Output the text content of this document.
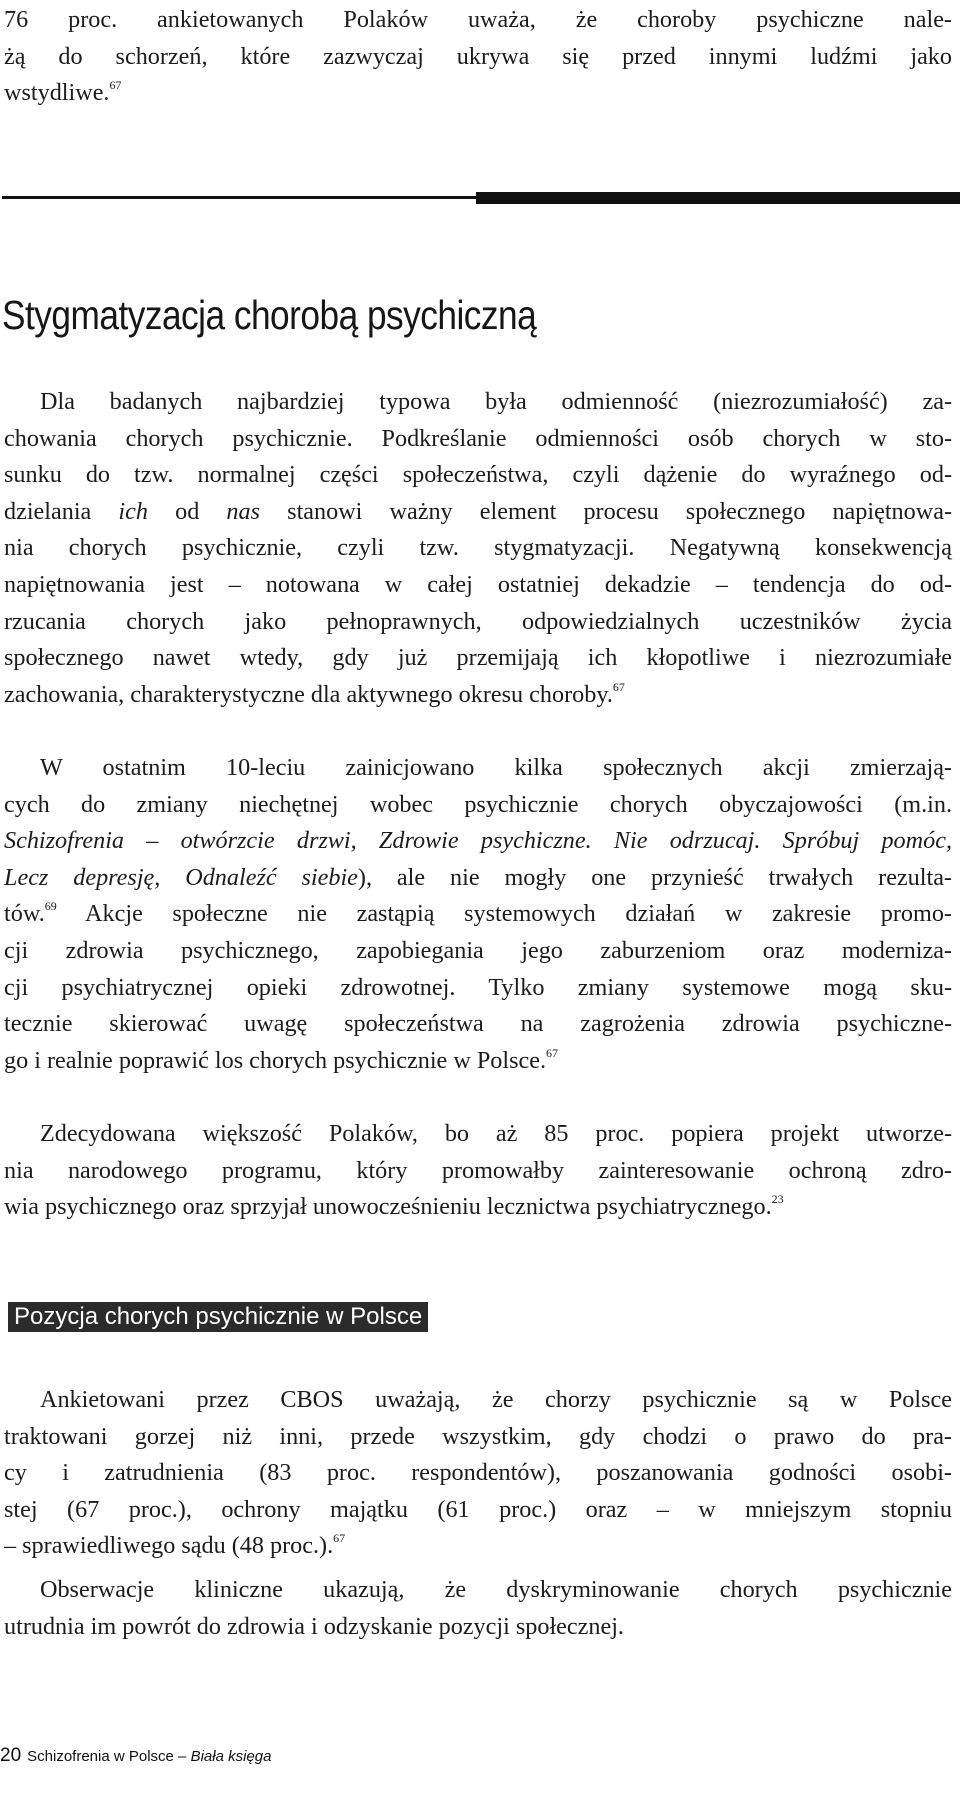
76 proc. ankietowanych Polaków uważa, że choroby psychiczne nale-
żą do schorzeń, które zazwyczaj ukrywa się przed innymi ludźmi jako
wstydliwe.$^{67}$
Stygmatyzacja chorobą psychiczną
Dla badanych najbardziej typowa była odmienność (niezrozumiałość) za-
chowania chorych psychicznie. Podkreślanie odmienności osób chorych w sto-
sunku do tzw. normalnej części społeczeństwa, czyli dążenie do wyraźnego od-
dzielania ich od nas stanowi ważny element procesu społecznego napiętnowa-
nia chorych psychicznie, czyli tzw. stygmatyzacji. Negatywną konsekwencją
napiętnowania jest – notowana w całej ostatniej dekadzie – tendencja do od-
rzucania chorych jako pełnoprawnych, odpowiedzialnych uczestników życia
społecznego nawet wtedy, gdy już przemijają ich kłopotliwe i niezrozumiałe
zachowania, charakterystyczne dla aktywnego okresu choroby.$^{67}$
W ostatnim 10-leciu zainicjowano kilka społecznych akcji zmierzają-
cych do zmiany niechętnej wobec psychicznie chorych obyczajowości (m.in.
Schizofrenia – otwórzcie drzwi, Zdrowie psychiczne. Nie odrzucaj. Spróbuj pomóc,
Lecz depresję, Odnaleźć siebie), ale nie mogły one przynieść trwałych rezulta-
tów.$^{69}$ Akcje społeczne nie zastąpią systemowych działań w zakresie promo-
cji zdrowia psychicznego, zapobiegania jego zaburzeniom oraz moderniza-
cji psychiatrycznej opieki zdrowotnej. Tylko zmiany systemowe mogą sku-
tecznie skierować uwagę społeczeństwa na zagrożenia zdrowia psychiczne-
go i realnie poprawić los chorych psychicznie w Polsce.$^{67}$
Zdecydowana większość Polaków, bo aż 85 proc. popiera projekt utworze-
nia narodowego programu, który promowałby zainteresowanie ochroną zdro-
wia psychicznego oraz sprzyjał unowocześnieniu lecznictwa psychiatrycznego.$^{23}$
Pozycja chorych psychicznie w Polsce
Ankietowani przez CBOS uważają, że chorzy psychicznie są w Polsce
traktowani gorzej niż inni, przede wszystkim, gdy chodzi o prawo do pra-
cy i zatrudnienia (83 proc. respondentów), poszanowania godności osobi-
stej (67 proc.), ochrony majątku (61 proc.) oraz – w mniejszym stopniu
– sprawiedliwego sądu (48 proc.).$^{67}$
Obserwacje kliniczne ukazują, że dyskryminowanie chorych psychicznie
utrudnia im powrót do zdrowia i odzyskanie pozycji społecznej.
20 Schizofrenia w Polsce – Biała księga
